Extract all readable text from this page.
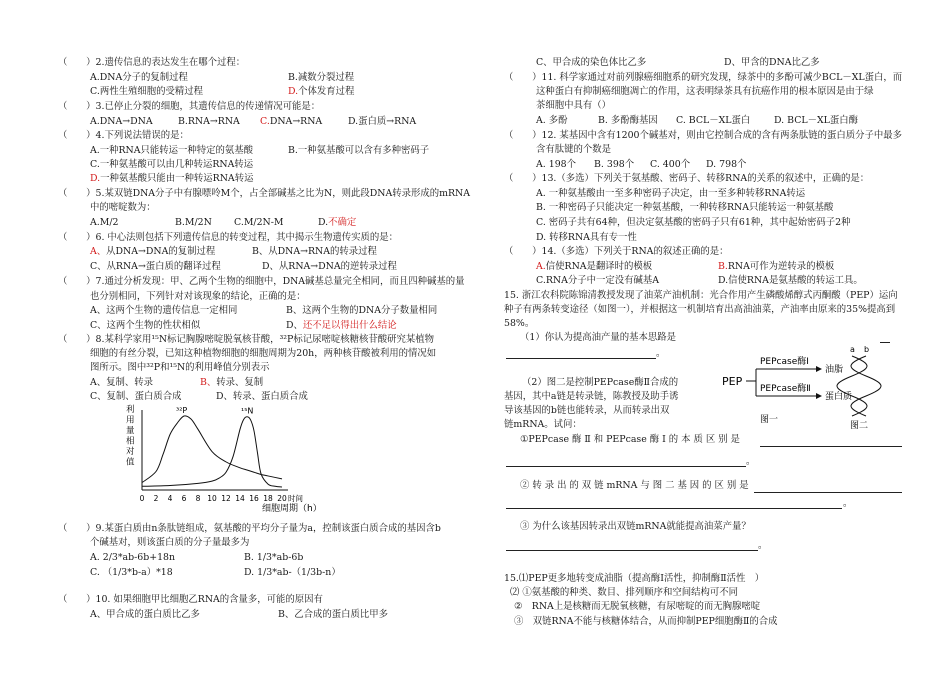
（　　）2.遗传信息的表达发生在哪个过程：
A.DNA分子的复制过程	B.减数分裂过程
C.两性生殖细胞的受精过程	D.个体发育过程
（　　）3.已停止分裂的细胞，其遗传信息的传递情况可能是：
A.DNA→DNA	B.RNA→RNA C.DNA→RNA	D.蛋白质→RNA
（　　）4.下列说法错误的是：
A.一种RNA只能转运一种特定的氨基酸	B.一种氨基酸可以含有多种密码子
C.一种氨基酸可以由几种转运RNA转运
D.一种氨基酸只能由一种转运RNA转运
（　　）5.某双链DNA分子中有腺嘌呤M个，占全部碱基之比为N，则此段DNA转录形成的mRNA
中的嘧啶数为：
A.M/2	B.M/2N C.M/2N-M	D.不确定
（　　）6. 中心法则包括下列遗传信息的转变过程，其中揭示生物遗传实质的是：
A、从DNA→DNA的复制过程	B、从DNA→RNA的转录过程
C、从RNA→蛋白质的翻译过程	D、从RNA→DNA的逆转录过程
（　　）7.通过分析发现：甲、乙两个生物的细胞中，DNA碱基总量完全相同，而且四种碱基的量
也分别相同，下列针对对该现象的结论，正确的是：
A、这两个生物的遗传信息一定相同	B、这两个生物的DNA分子数量相同
C、这两个生物的性状相似	D、还不足以得出什么结论
（　　）8.某科学家用¹⁵N标记胸腺嘧啶脱氧核苷酸，³²P标记尿嘧啶核糖核苷酸研究某植物
细胞的有丝分裂，已知这种植物细胞的细胞周期为20h，两种核苷酸被利用的情况如
图所示。图中³²P和¹⁵N的利用峰值分别表示
A、复制、转录	B、转录、复制
C、复制、蛋白质合成	D、转录、蛋白质合成
利
用
量
相
对
值
0 2 4 6 8 10 12 14 16 18 20 时间
³²P	¹⁵N
细胞周期（h）
（　　）9.某蛋白质由n条肽链组成，氨基酸的平均分子量为a，控制该蛋白质合成的基因含b
个碱基对，则该蛋白质的分子量最多为
A. 2/3*ab-6b+18n	B. 1/3*ab-6b
C. （1/3*b-a）*18	D. 1/3*ab-（1/3b-n）
（　　）10. 如果细胞甲比细胞乙RNA的含量多，可能的原因有
A、甲合成的蛋白质比乙多	B、乙合成的蛋白质比甲多
C、甲合成的染色体比乙多	D、甲含的DNA比乙多
（　　）11. 科学家通过对前列腺癌细胞系的研究发现，绿茶中的多酚可减少BCL－XL蛋白，而
这种蛋白有抑制癌细胞凋亡的作用，这表明绿茶具有抗癌作用的根本原因是由于绿
茶细胞中具有（）
A. 多酚	B. 多酚酶基因 C. BCL－XL蛋白	D. BCL－XL蛋白酶
（　　）12. 某基因中含有1200个碱基对，则由它控制合成的含有两条肽链的蛋白质分子中最多
含有肽键的个数是
A. 198个 B. 398个 C. 400个 D. 798个
（　　）13.（多选）下列关于氨基酸、密码子、转移RNA的关系的叙述中，正确的是：
A. 一种氨基酸由一至多种密码子决定，由一至多种转移RNA转运
B. 一种密码子只能决定一种氨基酸，一种转移RNA只能转运一种氨基酸
C. 密码子共有64种，但决定氨基酸的密码子只有61种，其中起始密码子2种
D. 转移RNA具有专一性
（　　）14.（多选）下列关于RNA的叙述正确的是：
A.信使RNA是翻译时的模板	B.RNA可作为逆转录的模板
C.RNA分子中一定没有碱基A	D.信使RNA是氨基酸的转运工具。
15. 浙江农科院陈锦清教授发现了油菜产油机制：光合作用产生磷酸烯醇式丙酮酸（PEP）运向
种子有两条转变途径（如图一），并根据这一机制培育出高油油菜，产油率由原来的35%提高到
58%。
（1）你认为提高油产量的基本思路是
。
（2）图二是控制PEPcase酶Ⅱ合成的
基因，其中a链是转录链，陈教授及助手诱
导该基因的b链也能转录，从而转录出双
链mRNA。试问：
①PEPcase 酶 Ⅱ 和 PEPcase 酶 Ⅰ 的 本 质 区 别 是
。
② 转 录 出 的 双 链 mRNA 与 图 二 基 因 的 区 别 是
。
③ 为什么该基因转录出双链mRNA就能提高油菜产量？
。
PEP
PEPcase酶Ⅰ
PEPcase酶Ⅱ
油脂
蛋白质
图一
a b
图二
15.⑴PEP更多地转变成油脂（提高酶Ⅰ活性，抑制酶Ⅱ活性　）
⑵ ①氨基酸的种类、数目、排列顺序和空间结构可不同
②　RNA上是核糖而无脱氧核糖，有尿嘧啶的而无胸腺嘧啶
③　双链RNA不能与核糖体结合，从而抑制PEP细胞酶Ⅱ的合成
